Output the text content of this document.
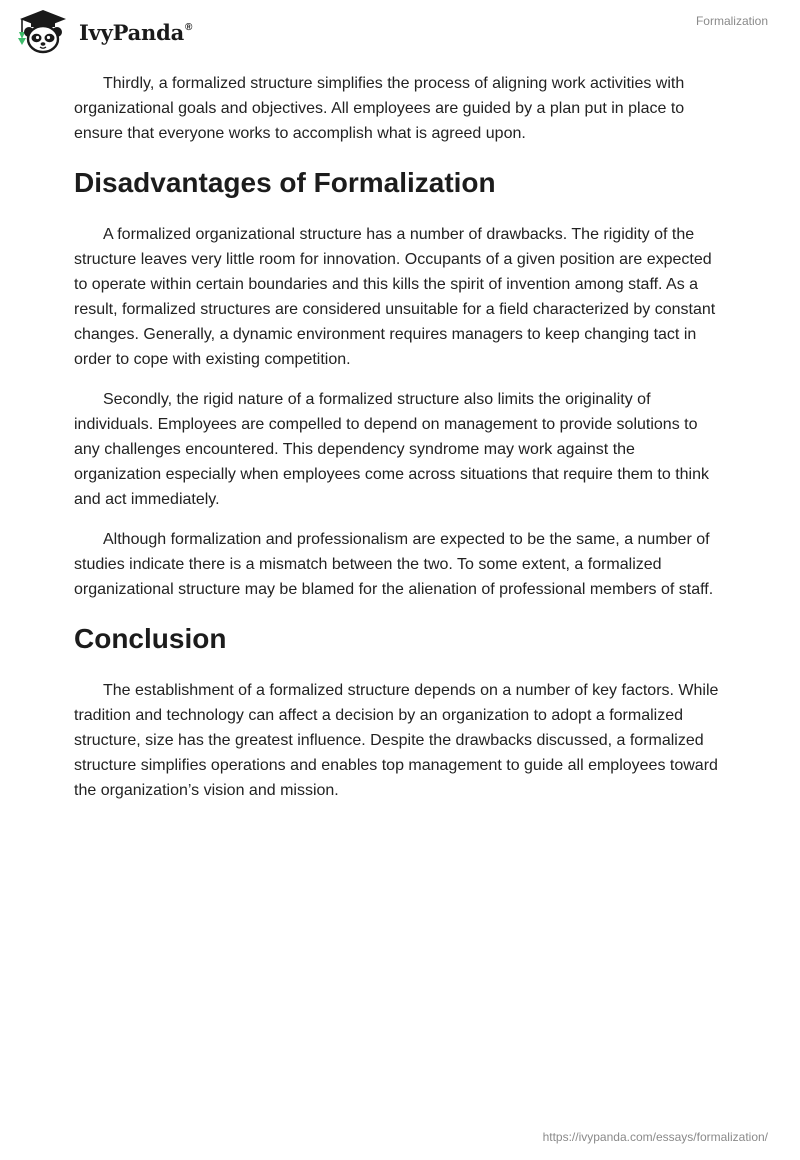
IvyPanda®	Formalization

Thirdly, a formalized structure simplifies the process of aligning work activities with organizational goals and objectives. All employees are guided by a plan put in place to ensure that everyone works to accomplish what is agreed upon.

Disadvantages of Formalization

A formalized organizational structure has a number of drawbacks. The rigidity of the structure leaves very little room for innovation. Occupants of a given position are expected to operate within certain boundaries and this kills the spirit of invention among staff. As a result, formalized structures are considered unsuitable for a field characterized by constant changes. Generally, a dynamic environment requires managers to keep changing tact in order to cope with existing competition.

Secondly, the rigid nature of a formalized structure also limits the originality of individuals. Employees are compelled to depend on management to provide solutions to any challenges encountered. This dependency syndrome may work against the organization especially when employees come across situations that require them to think and act immediately.

Although formalization and professionalism are expected to be the same, a number of studies indicate there is a mismatch between the two. To some extent, a formalized organizational structure may be blamed for the alienation of professional members of staff.

Conclusion

The establishment of a formalized structure depends on a number of key factors. While tradition and technology can affect a decision by an organization to adopt a formalized structure, size has the greatest influence. Despite the drawbacks discussed, a formalized structure simplifies operations and enables top management to guide all employees toward the organization’s vision and mission.

https://ivypanda.com/essays/formalization/
